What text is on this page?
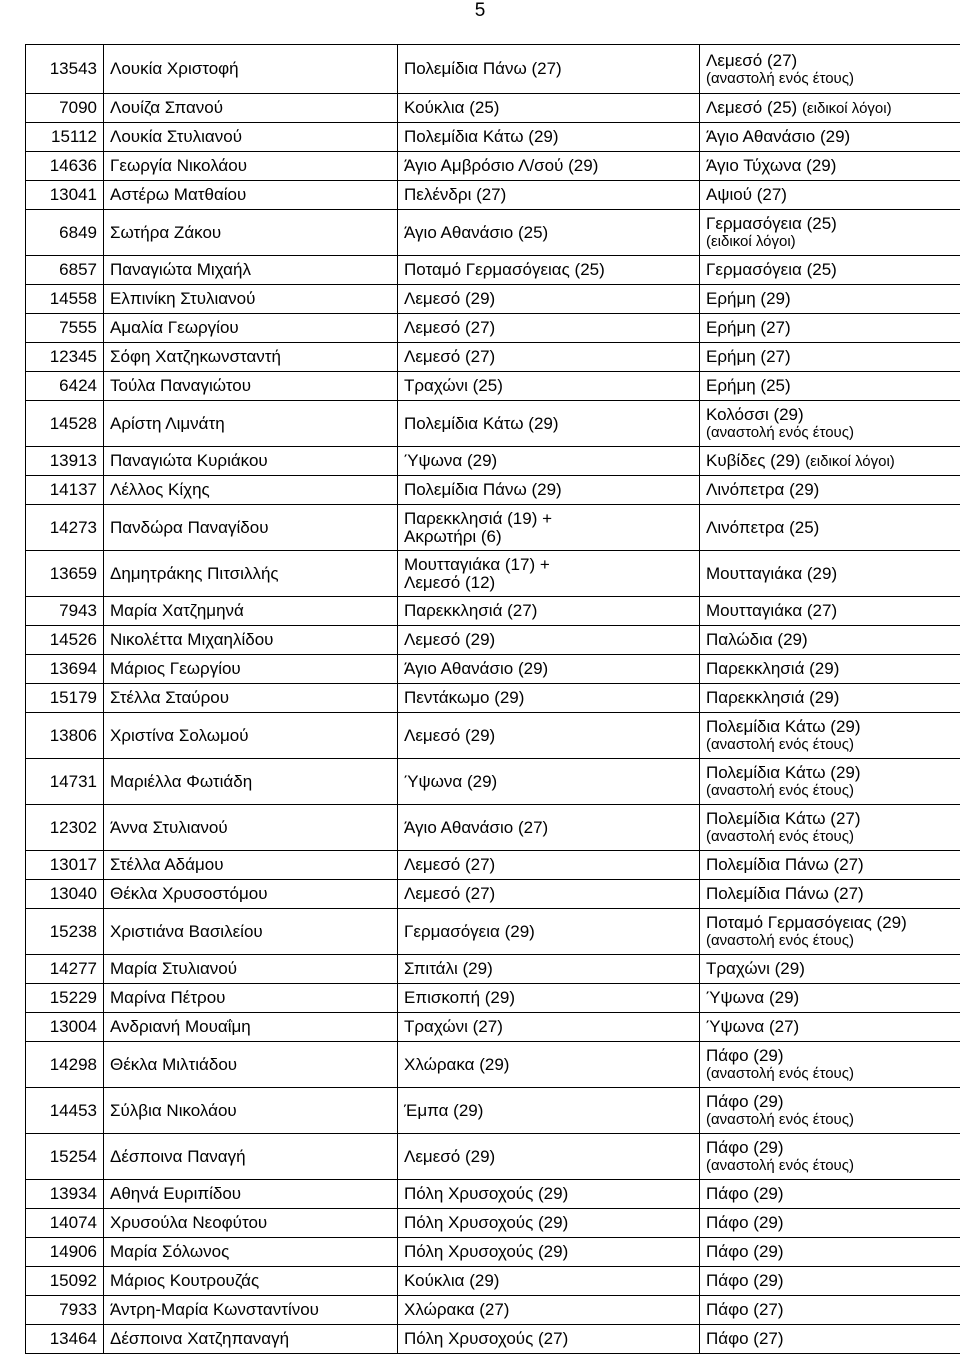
5
13543	Λουκία Χριστοφή	Πολεμίδια Πάνω (27)	Λεμεσό (27)
(αναστολή ενός έτους)

7090	Λουίζα Σπανού	Κούκλια (25)	Λεμεσό (25) (ειδικοί λόγοι)
15112	Λουκία Στυλιανού	Πολεμίδια Κάτω (29)	Άγιο Αθανάσιο (29)
14636	Γεωργία Νικολάου	Άγιο Αμβρόσιο Λ/σού (29)	Άγιο Τύχωνα (29)
13041	Αστέρω Ματθαίου	Πελένδρι (27)	Αψιού (27)
6849	Σωτήρα Ζάκου	Άγιο Αθανάσιο (25)	Γερμασόγεια (25)
(ειδικοί λόγοι)

6857	Παναγιώτα Μιχαήλ	Ποταμό Γερμασόγειας (25)	Γερμασόγεια (25)
14558	Ελπινίκη Στυλιανού	Λεμεσό (29)	Ερήμη (29)
7555	Αμαλία Γεωργίου	Λεμεσό (27)	Ερήμη (27)
12345	Σόφη Χατζηκωνσταντή	Λεμεσό (27)	Ερήμη (27)
6424	Τούλα Παναγιώτου	Τραχώνι (25)	Ερήμη (25)
14528	Αρίστη Λιμνάτη	Πολεμίδια Κάτω (29)	Κολόσσι (29)
(αναστολή ενός έτους)

13913	Παναγιώτα Κυριάκου	Ύψωνα (29)	Κυβίδες (29) (ειδικοί λόγοι)
14137	Λέλλος Κίχης	Πολεμίδια Πάνω (29)	Λινόπετρα (29)
14273	Πανδώρα Παναγίδου	Παρεκκλησιά (19) +
Ακρωτήρι (6)	Λινόπετρα (25)
13659	Δημητράκης Πιτσιλλής	Μουτταγιάκα (17) +
Λεμεσό (12)	Μουτταγιάκα (29)
7943	Μαρία Χατζημηνά	Παρεκκλησιά (27)	Μουτταγιάκα (27)
14526	Νικολέττα Μιχαηλίδου	Λεμεσό (29)	Παλώδια (29)
13694	Μάριος Γεωργίου	Άγιο Αθανάσιο (29)	Παρεκκλησιά (29)
15179	Στέλλα Σταύρου	Πεντάκωμο (29)	Παρεκκλησιά (29)
13806	Χριστίνα Σολωμού	Λεμεσό (29)	Πολεμίδια Κάτω (29)
(αναστολή ενός έτους)

14731	Μαριέλλα Φωτιάδη	Ύψωνα (29)	Πολεμίδια Κάτω (29)
(αναστολή ενός έτους)

12302	Άννα Στυλιανού	Άγιο Αθανάσιο (27)	Πολεμίδια Κάτω (27)
(αναστολή ενός έτους)

13017	Στέλλα Αδάμου	Λεμεσό (27)	Πολεμίδια Πάνω (27)
13040	Θέκλα Χρυσοστόμου	Λεμεσό (27)	Πολεμίδια Πάνω (27)
15238	Χριστιάνα Βασιλείου	Γερμασόγεια (29)	Ποταμό Γερμασόγειας (29)
(αναστολή ενός έτους)

14277	Μαρία Στυλιανού	Σπιτάλι (29)	Τραχώνι (29)
15229	Μαρίνα Πέτρου	Επισκοπή (29)	Ύψωνα (29)
13004	Ανδριανή Μουαΐμη	Τραχώνι (27)	Ύψωνα (27)
14298	Θέκλα Μιλτιάδου	Χλώρακα (29)	Πάφο (29)
(αναστολή ενός έτους)

14453	Σύλβια Νικολάου	Έμπα (29)	Πάφο (29)
(αναστολή ενός έτους)

15254	Δέσποινα Παναγή	Λεμεσό (29)	Πάφο (29)
(αναστολή ενός έτους)

13934	Αθηνά Ευριπίδου	Πόλη Χρυσοχούς (29)	Πάφο (29)
14074	Χρυσούλα Νεοφύτου	Πόλη Χρυσοχούς (29)	Πάφο (29)
14906	Μαρία Σόλωνος	Πόλη Χρυσοχούς (29)	Πάφο (29)
15092	Μάριος Κουτρουζάς	Κούκλια (29)	Πάφο (29)
7933	Άντρη-Μαρία Κωνσταντίνου	Χλώρακα (27)	Πάφο (27)
13464	Δέσποινα Χατζηπαναγή	Πόλη Χρυσοχούς (27)	Πάφο (27)
